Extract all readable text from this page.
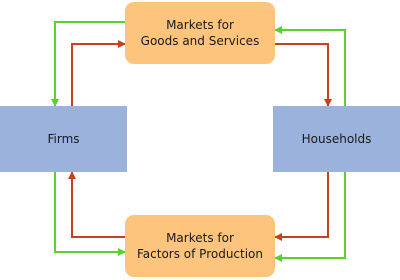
Markets for
Goods and Services
Markets for
Factors of Production
Firms	Households
